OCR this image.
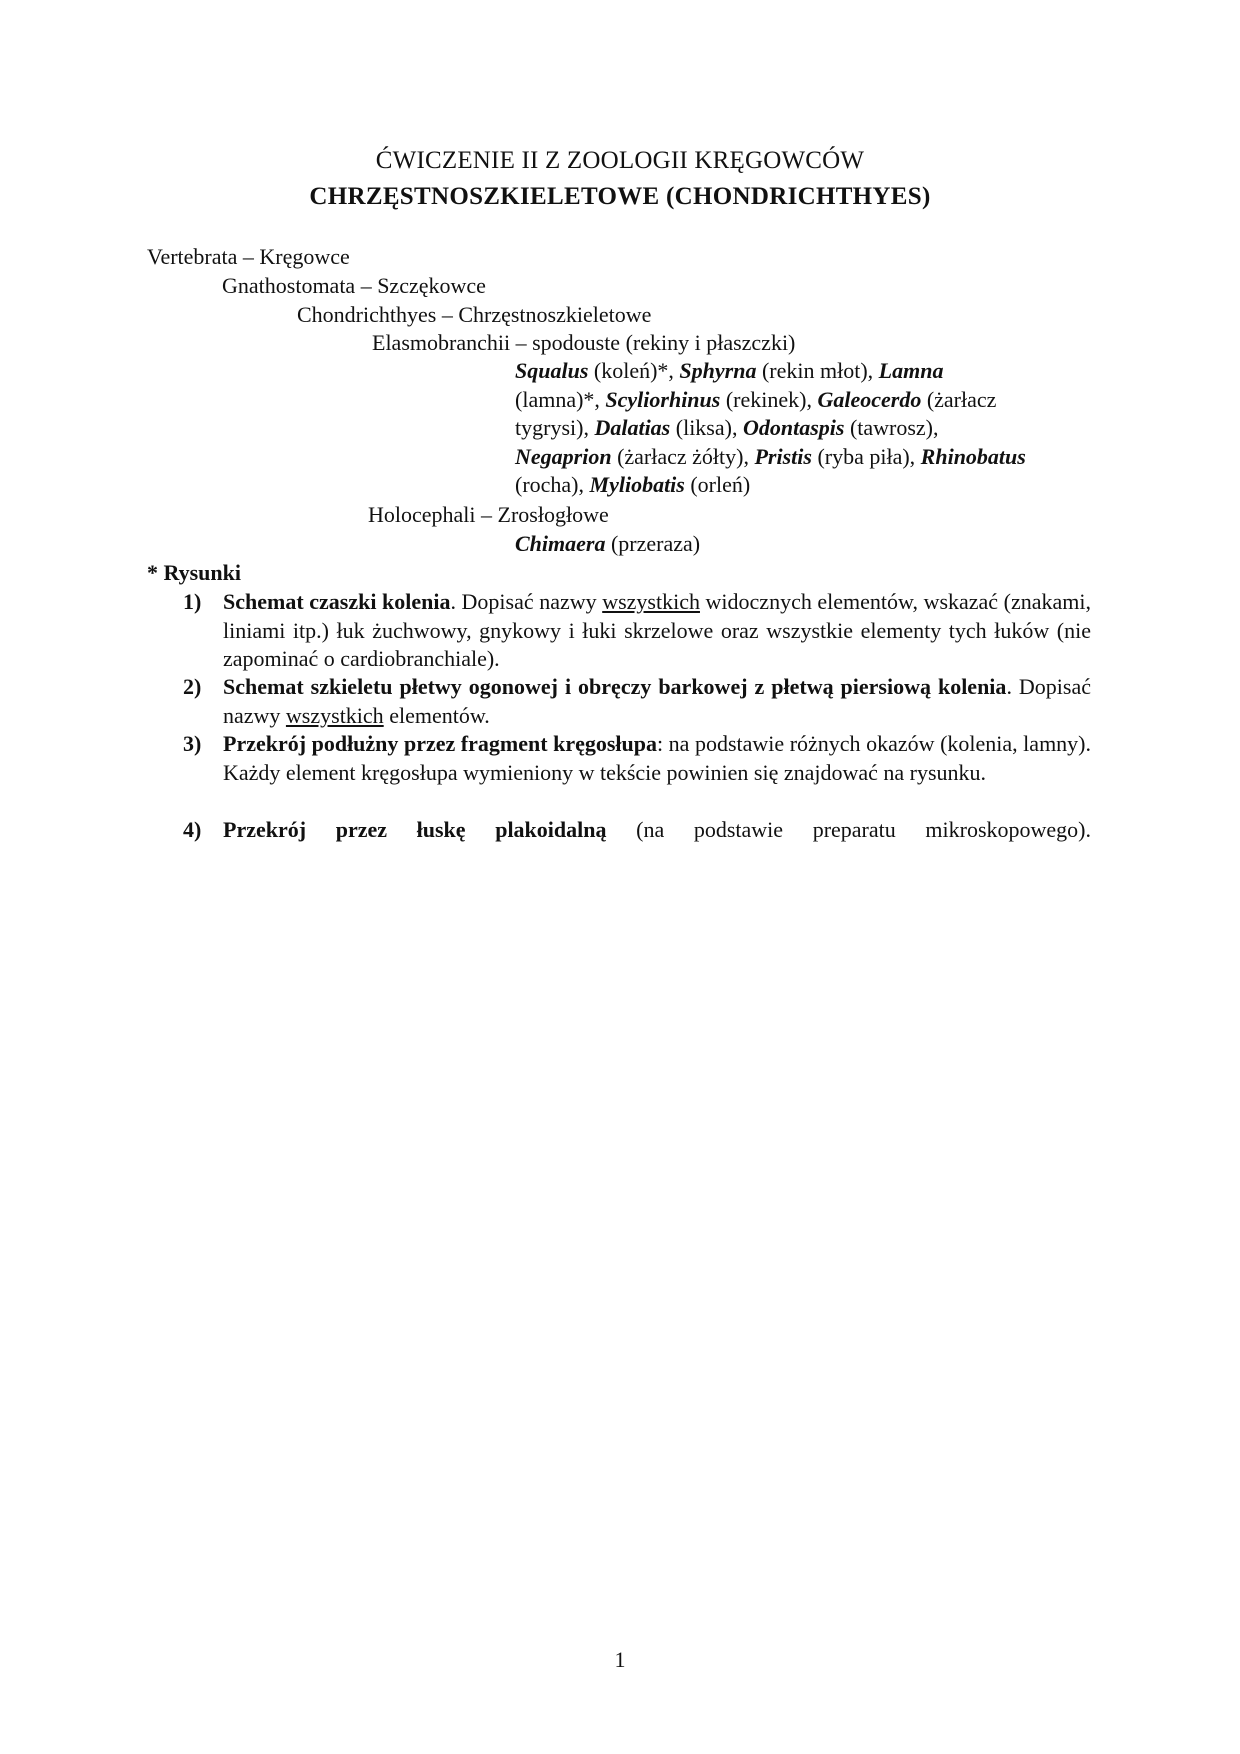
ĆWICZENIE II Z ZOOLOGII KRĘGOWCÓW
CHRZĘSTNOSZKIELETOWE (CHONDRICHTHYES)
Vertebrata – Kręgowce
Gnathostomata – Szczękowce
Chondrichthyes – Chrzęstnoszkieletowe
Elasmobranchii – spodouste (rekiny i płaszczki)
Squalus (koleń)*, Sphyrna (rekin młot), Lamna
(lamna)*, Scyliorhinus (rekinek), Galeocerdo (żarłacz
tygrysi), Dalatias (liksa), Odontaspis (tawrosz),
Negaprion (żarłacz żółty), Pristis (ryba piła), Rhinobatus
(rocha), Myliobatis (orleń)
Holocephali – Zrosłogłowe
Chimaera (przeraza)
* Rysunki
1) Schemat czaszki kolenia. Dopisać nazwy wszystkich widocznych elementów, wskazać (znakami, liniami itp.) łuk żuchwowy, gnykowy i łuki skrzelowe oraz wszystkie elementy tych łuków (nie zapominać o cardiobranchiale).
2) Schemat szkieletu płetwy ogonowej i obręczy barkowej z płetwą piersiową kolenia. Dopisać nazwy wszystkich elementów.
3) Przekrój podłużny przez fragment kręgosłupa: na podstawie różnych okazów (kolenia, lamny). Każdy element kręgosłupa wymieniony w tekście powinien się znajdować na rysunku.
4) Przekrój przez łuskę plakoidalną (na podstawie preparatu mikroskopowego).
1
